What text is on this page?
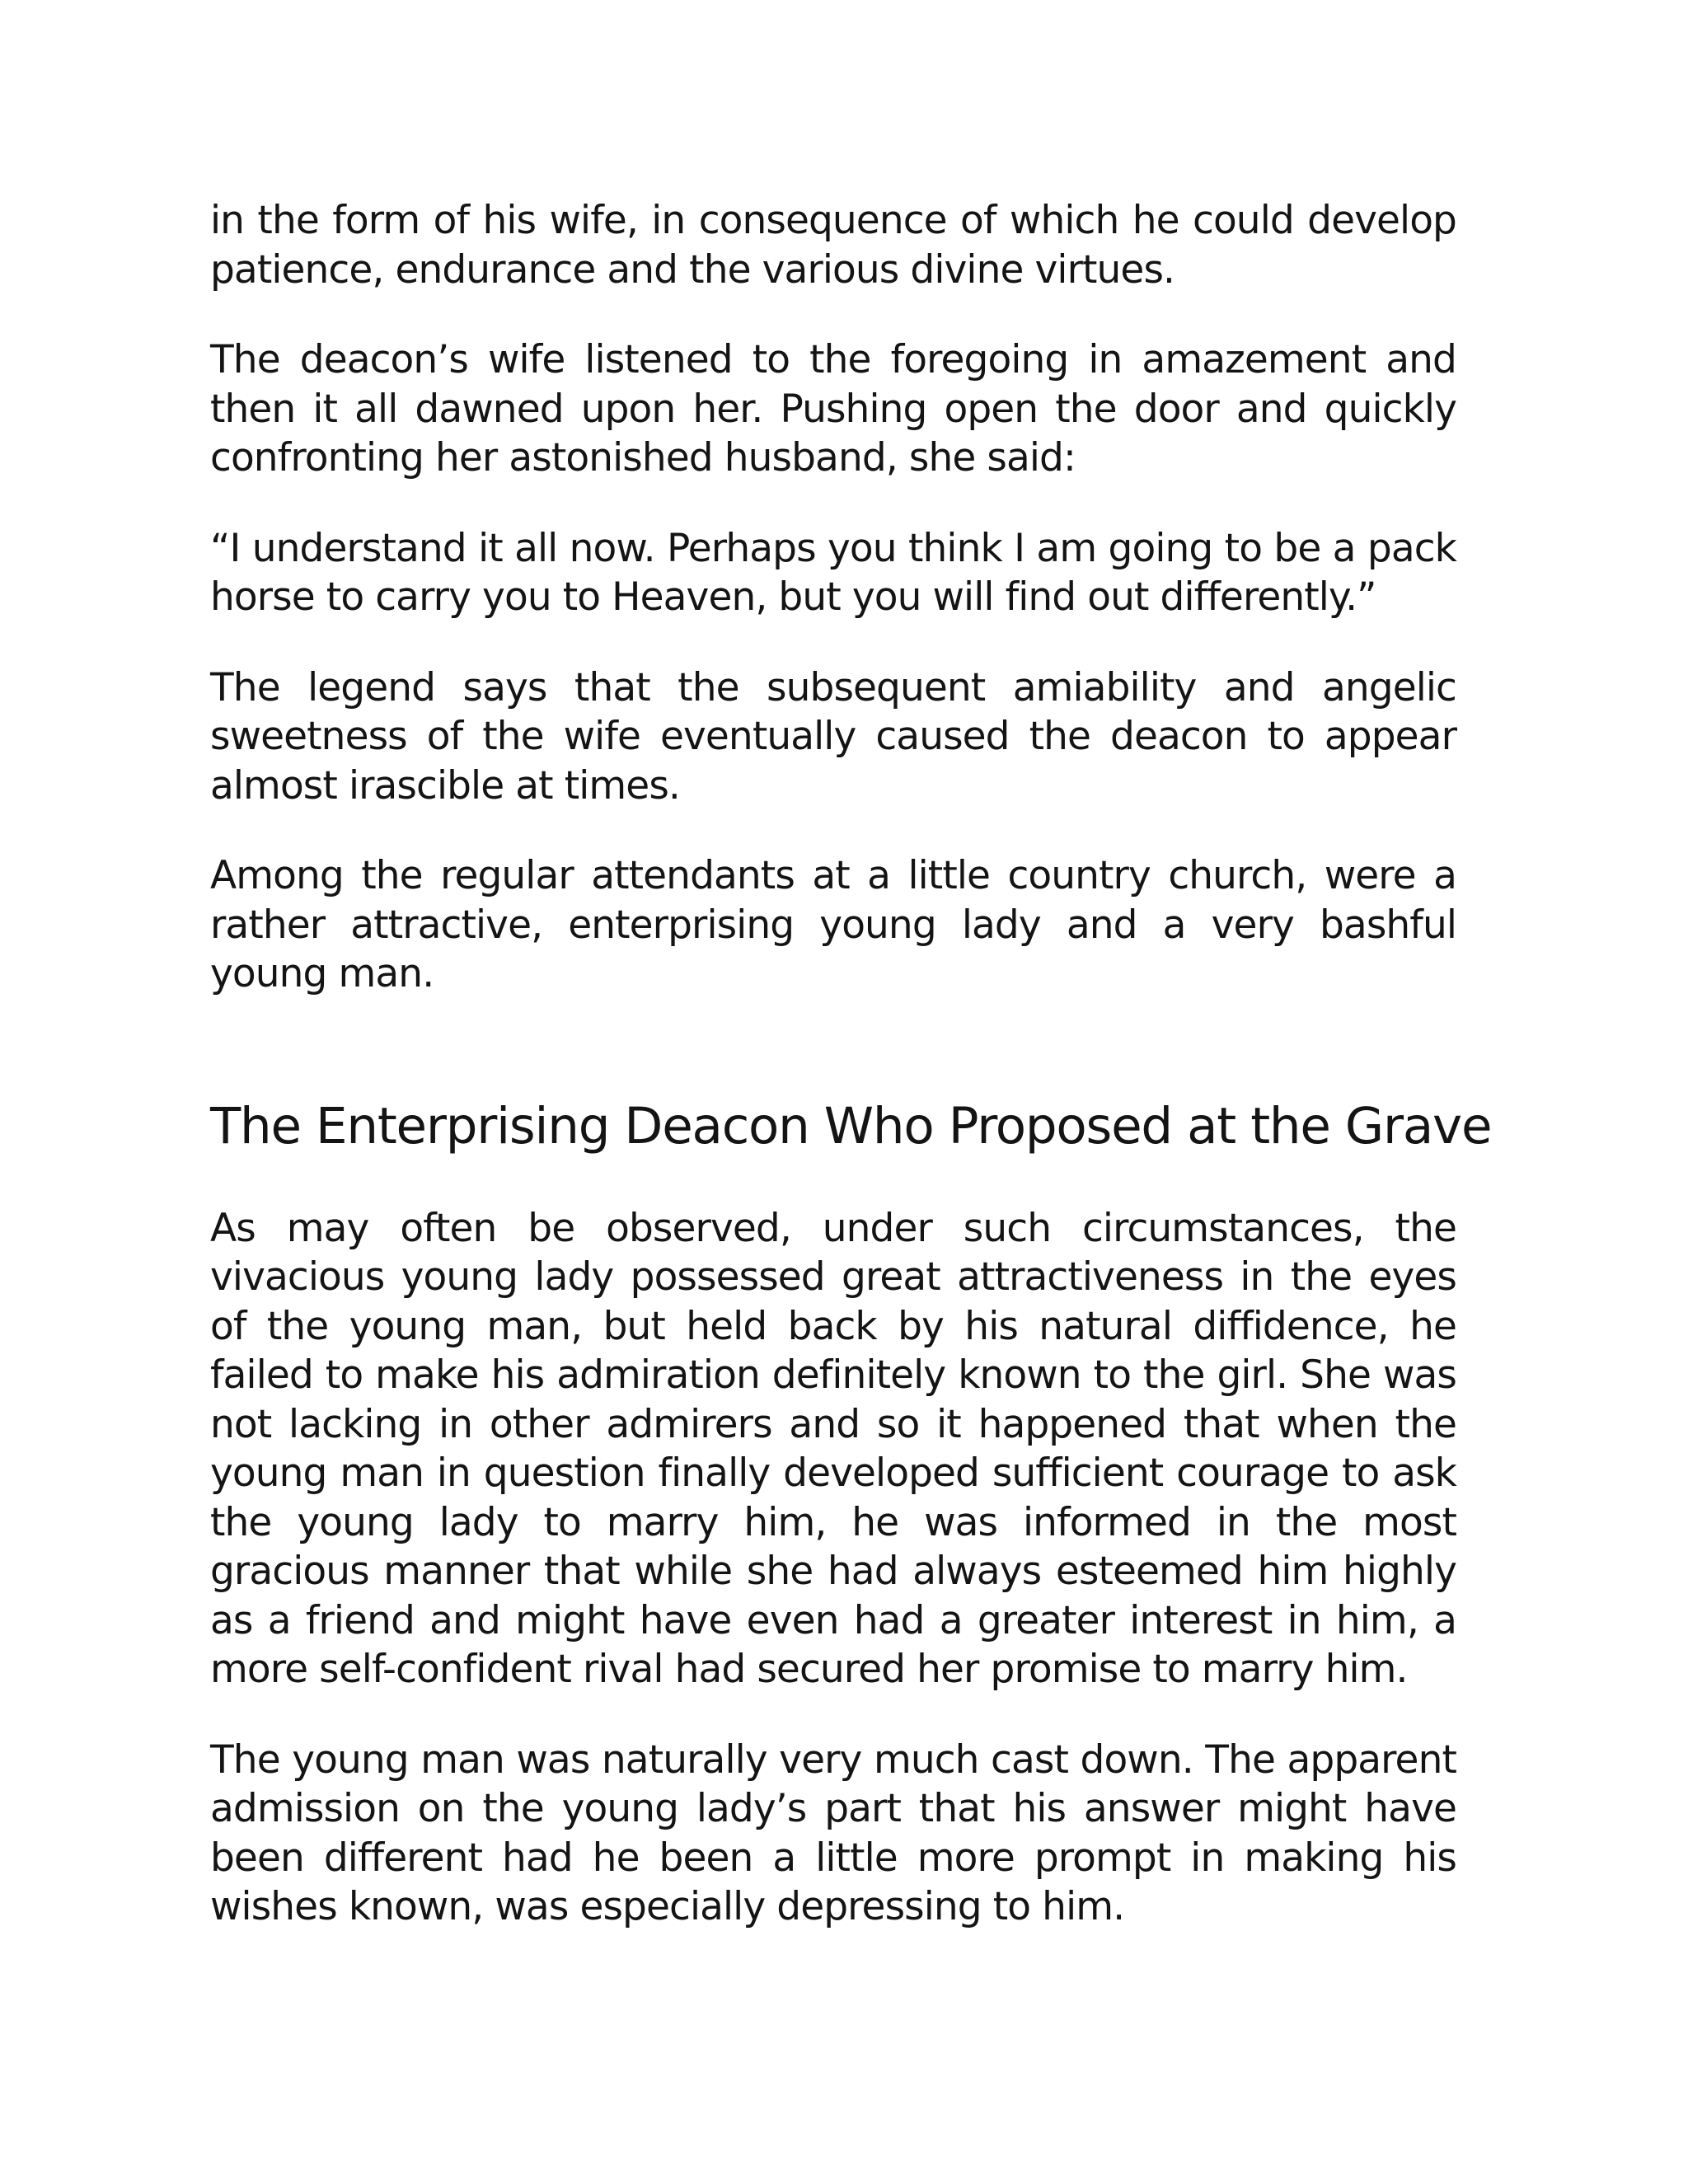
in the form of his wife, in consequence of which he could develop patience, endurance and the various divine virtues.

The deacon’s wife listened to the foregoing in amazement and then it all dawned upon her. Pushing open the door and quickly confronting her astonished husband, she said:

“I understand it all now. Perhaps you think I am going to be a pack horse to carry you to Heaven, but you will find out differently.”

The legend says that the subsequent amiability and angelic sweetness of the wife eventually caused the deacon to appear almost irascible at times.

Among the regular attendants at a little country church, were a rather attractive, enterprising young lady and a very bashful young man.

The Enterprising Deacon Who Proposed at the Grave

As may often be observed, under such circumstances, the vivacious young lady possessed great attractiveness in the eyes of the young man, but held back by his natural diffidence, he failed to make his admiration definitely known to the girl. She was not lacking in other admirers and so it happened that when the young man in question finally developed sufficient courage to ask the young lady to marry him, he was informed in the most gracious manner that while she had always esteemed him highly as a friend and might have even had a greater interest in him, a more self-confident rival had secured her promise to marry him.

The young man was naturally very much cast down. The apparent admission on the young lady’s part that his answer might have been different had he been a little more prompt in making his wishes known, was especially depressing to him.
